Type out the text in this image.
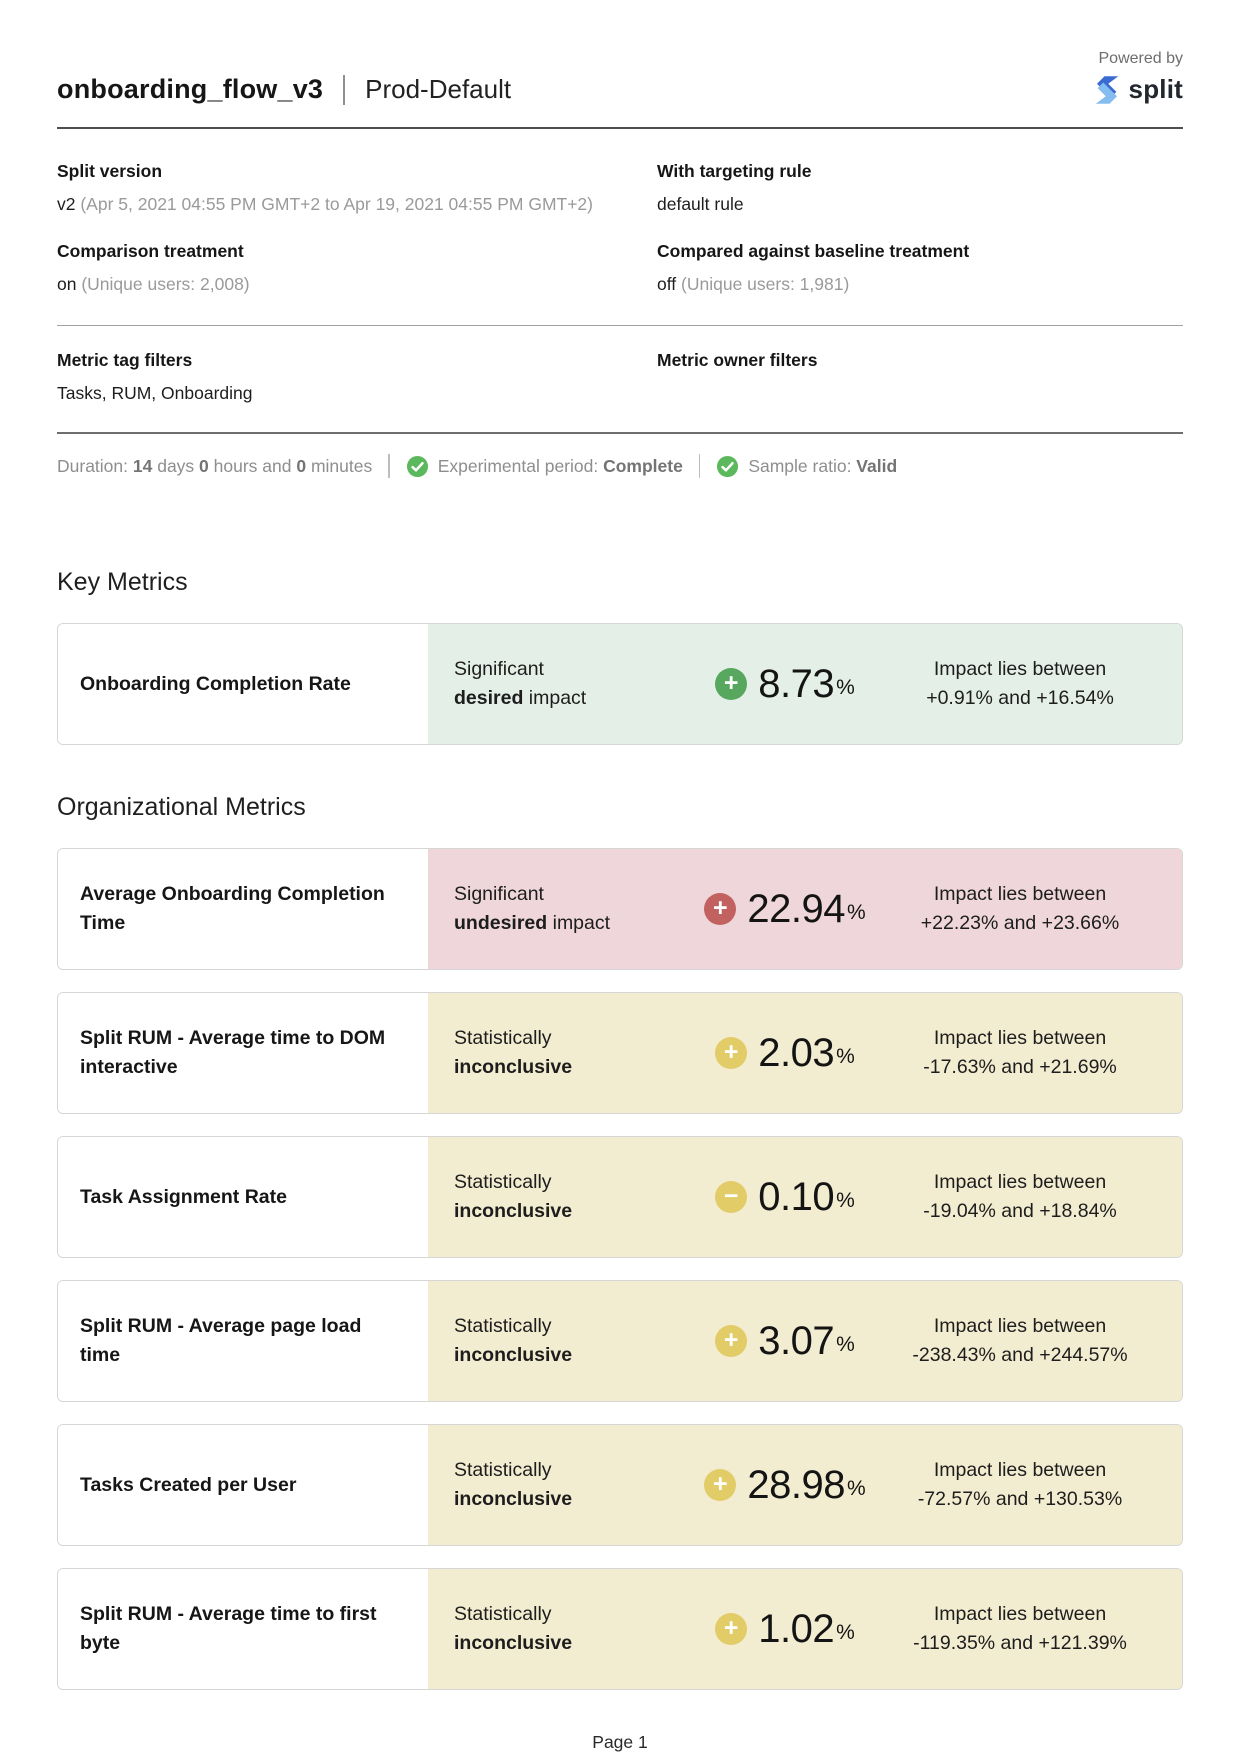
onboarding_flow_v3 Prod-Default
Powered by
split
Split version
v2 (Apr 5, 2021 04:55 PM GMT+2 to Apr 19, 2021 04:55 PM GMT+2)
With targeting rule
default rule
Comparison treatment
on (Unique users: 2,008)
Compared against baseline treatment
off (Unique users: 1,981)
Metric tag filters
Tasks, RUM, Onboarding
Metric owner filters
Duration: 14 days 0 hours and 0 minutes	Experimental period: Complete	Sample ratio: Valid
Key Metrics
Onboarding Completion Rate
Significant
desired impact
+ 8.73 %
Impact lies between
+0.91% and +16.54%
Organizational Metrics
Average Onboarding Completion Time
Significant
undesired impact
+ 22.94 %
Impact lies between
+22.23% and +23.66%
Split RUM - Average time to DOM interactive
Statistically
inconclusive
+ 2.03 %
Impact lies between
-17.63% and +21.69%
Task Assignment Rate
Statistically
inconclusive
− 0.10 %
Impact lies between
-19.04% and +18.84%
Split RUM - Average page load time
Statistically
inconclusive
+ 3.07 %
Impact lies between
-238.43% and +244.57%
Tasks Created per User
Statistically
inconclusive
+ 28.98 %
Impact lies between
-72.57% and +130.53%
Split RUM - Average time to first byte
Statistically
inconclusive
+ 1.02 %
Impact lies between
-119.35% and +121.39%
Page 1
